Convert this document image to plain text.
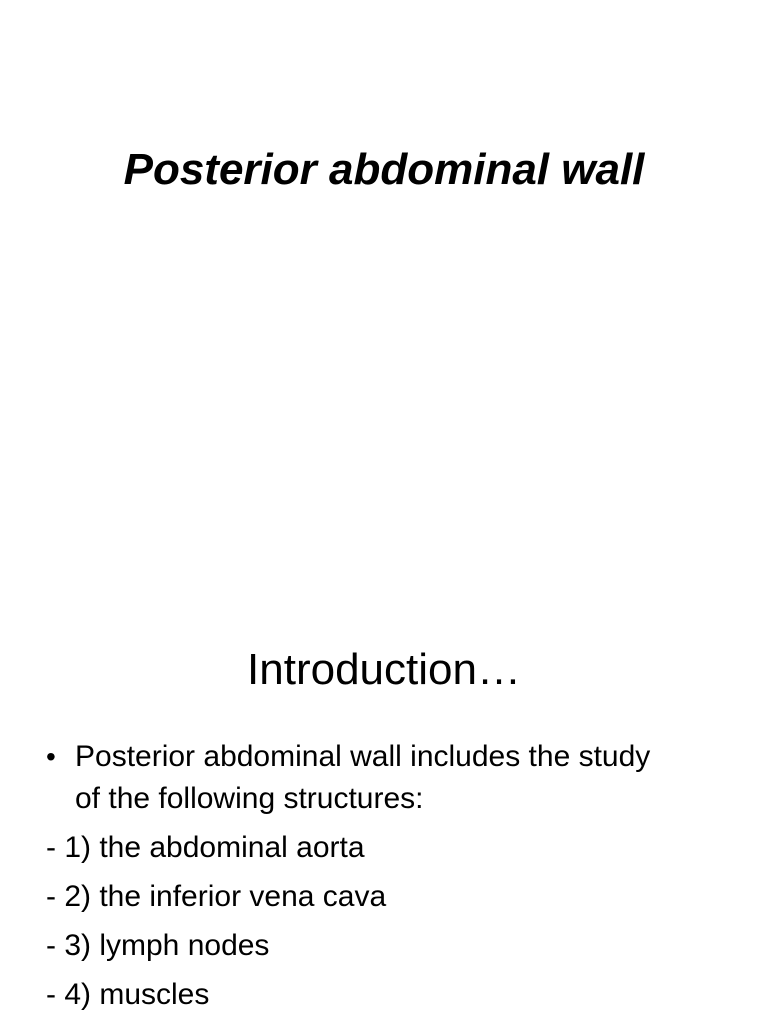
Posterior abdominal wall
Introduction…
• Posterior abdominal wall includes the study of the following structures:
- 1) the abdominal aorta
- 2) the inferior vena cava
- 3) lymph nodes
- 4) muscles
